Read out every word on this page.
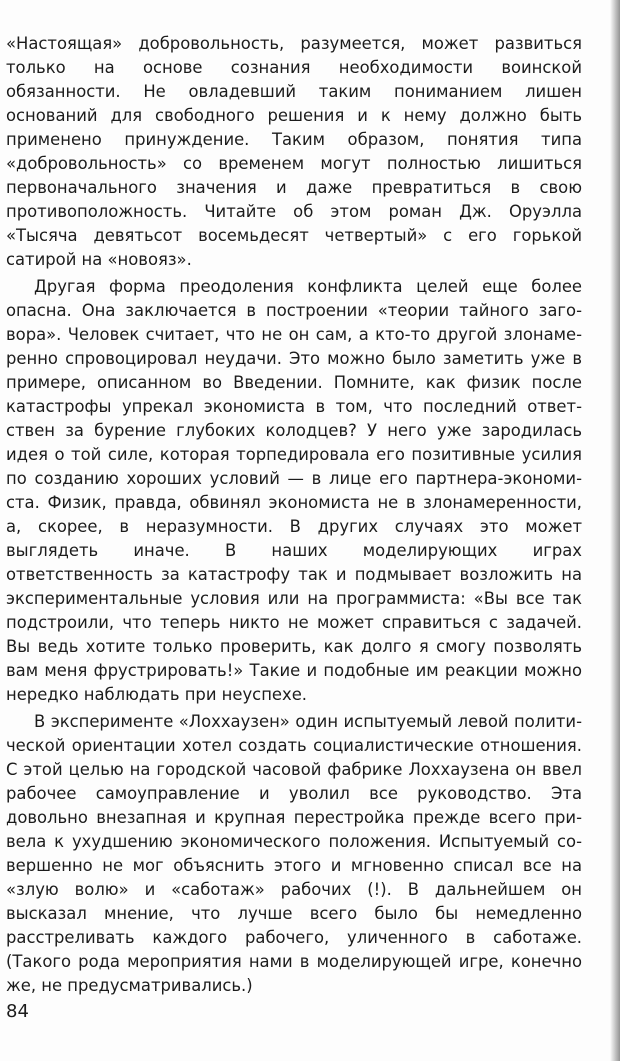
«Настоящая» добровольность, разумеется, может развиться только на основе сознания необходимости воинской обязанности. Не овладевший таким пониманием лишен оснований для свободного решения и к нему должно быть применено принуждение. Таким образом, понятия типа «добровольность» со временем могут полностью лишиться первоначального значения и даже превратиться в свою противоположность. Читайте об этом роман Дж. Оруэлла «Тысяча девятьсот восемьдесят четвертый» с его горькой сатирой на «новояз».

Другая форма преодоления конфликта целей еще более опасна. Она заключается в построении «теории тайного заговора». Человек считает, что не он сам, а кто-то другой злонамеренно спровоцировал неудачи. Это можно было заметить уже в примере, описанном во Введении. Помните, как физик после катастрофы упрекал экономиста в том, что последний ответствен за бурение глубоких колодцев? У него уже зародилась идея о той силе, которая торпедировала его позитивные усилия по созданию хороших условий — в лице его партнера-экономиста. Физик, правда, обвинял экономиста не в злонамеренности, а, скорее, в неразумности. В других случаях это может выглядеть иначе. В наших моделирующих играх ответственность за катастрофу так и подмывает возложить на экспериментальные условия или на программиста: «Вы все так подстроили, что теперь никто не может справиться с задачей. Вы ведь хотите только проверить, как долго я смогу позволять вам меня фрустрировать!» Такие и подобные им реакции можно нередко наблюдать при неуспехе.

В эксперименте «Лоххаузен» один испытуемый левой политической ориентации хотел создать социалистические отношения. С этой целью на городской часовой фабрике Лоххаузена он ввел рабочее самоуправление и уволил все руководство. Эта довольно внезапная и крупная перестройка прежде всего привела к ухудшению экономического положения. Испытуемый совершенно не мог объяснить этого и мгновенно списал все на «злую волю» и «саботаж» рабочих (!). В дальнейшем он высказал мнение, что лучше всего было бы немедленно расстреливать каждого рабочего, уличенного в саботаже. (Такого рода мероприятия нами в моделирующей игре, конечно же, не предусматривались.)

84
